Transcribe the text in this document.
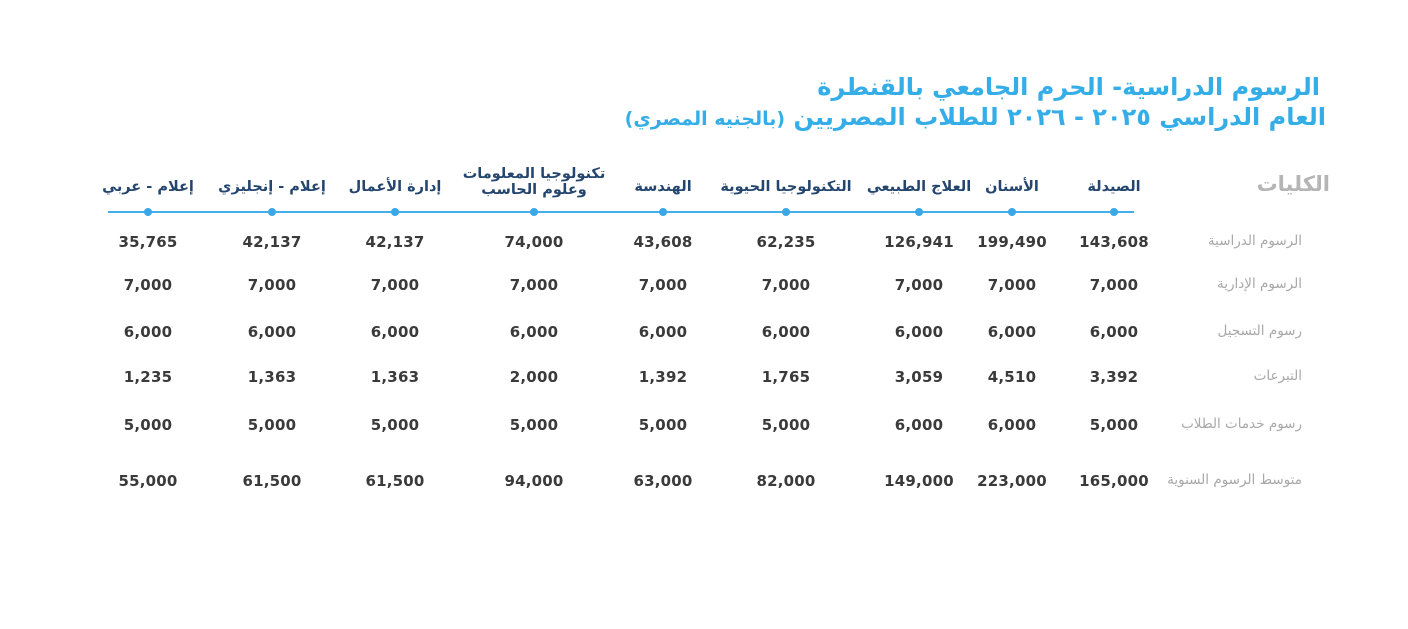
الرسوم الدراسية- الحرم الجامعي بالقنطرة
العام الدراسي ٢٠٢٥ - ٢٠٢٦ للطلاب المصريين (بالجنيه المصري)
الكليات
الصيدلة
الأسنان
العلاج الطبيعي
التكنولوجيا الحيوية
الهندسة
تكنولوجيا المعلومات
وعلوم الحاسب
إدارة الأعمال
إعلام - إنجليزي
إعلام - عربي
الرسوم الدراسية
143,608
199,490
126,941
62,235
43,608
74,000
42,137
42,137
35,765
الرسوم الإدارية
7,000
7,000
7,000
7,000
7,000
7,000
7,000
7,000
7,000
رسوم التسجيل
6,000
6,000
6,000
6,000
6,000
6,000
6,000
6,000
6,000
التبرعات
3,392
4,510
3,059
1,765
1,392
2,000
1,363
1,363
1,235
رسوم خدمات الطلاب
5,000
6,000
6,000
5,000
5,000
5,000
5,000
5,000
5,000
متوسط الرسوم السنوية
165,000
223,000
149,000
82,000
63,000
94,000
61,500
61,500
55,000
